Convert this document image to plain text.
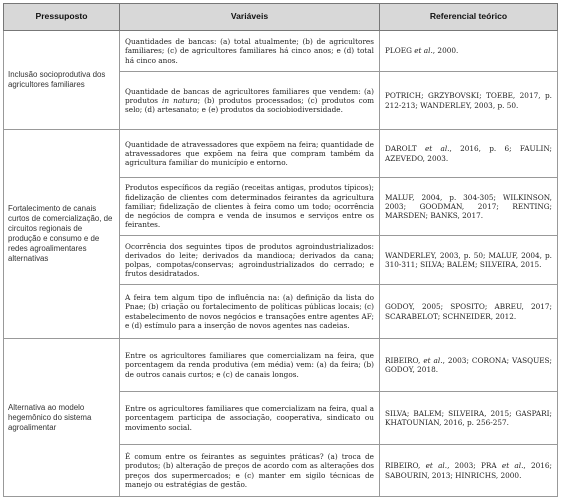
Pressuposto	Variáveis	Referencial teórico
Inclusão socioprodutiva dos agricultores familiares	Quantidades de bancas: (a) total atualmente; (b) de agricultores familiares; (c) de agricultores familiares há cinco anos; e (d) total há cinco anos.	PLOEG et al., 2000.
	Quantidade de bancas de agricultores familiares que vendem: (a) produtos in natura; (b) produtos processados; (c) produtos com selo; (d) artesanato; e (e) produtos da sociobiodiversidade.	POTRICH; GRZYBOVSKI; TOEBE, 2017, p. 212-213; WANDERLEY, 2003, p. 50.
Fortalecimento de canais curtos de comercialização, de circuitos regionais de produção e consumo e de redes agroalimentares alternativas	Quantidade de atravessadores que expõem na feira; quantidade de atravessadores que expõem na feira que compram também da agricultura familiar do município e entorno.	DAROLT et al., 2016, p. 6; FAULIN; AZEVEDO, 2003.
	Produtos específicos da região (receitas antigas, produtos típicos); fidelização de clientes com determinados feirantes da agricultura familiar; fidelização de clientes à feira como um todo; ocorrência de negócios de compra e venda de insumos e serviços entre os feirantes.	MALUF, 2004, p. 304-305; WILKINSON, 2003; GOODMAN, 2017; RENTING; MARSDEN; BANKS, 2017.
	Ocorrência dos seguintes tipos de produtos agroindustrializados: derivados do leite; derivados da mandioca; derivados da cana; polpas, compotas/conservas; agroindustrializados do cerrado; e frutos desidratados.	WANDERLEY, 2003, p. 50; MALUF, 2004, p. 310-311; SILVA; BALEM; SILVEIRA, 2015.
	A feira tem algum tipo de influência na: (a) definição da lista do Pnae; (b) criação ou fortalecimento de políticas públicas locais; (c) estabelecimento de novos negócios e transações entre agentes AF; e (d) estímulo para a inserção de novos agentes nas cadeias.	GODOY, 2005; SPOSITO; ABREU, 2017; SCARABELOT; SCHNEIDER, 2012.
Alternativa ao modelo hegemônico do sistema agroalimentar	Entre os agricultores familiares que comercializam na feira, que porcentagem da renda produtiva (em média) vem: (a) da feira; (b) de outros canais curtos; e (c) de canais longos.	RIBEIRO, et al., 2003; CORONA; VASQUES; GODOY, 2018.
	Entre os agricultores familiares que comercializam na feira, qual a porcentagem participa de associação, cooperativa, sindicato ou movimento social.	SILVA; BALEM; SILVEIRA, 2015; GASPARI; KHATOUNIAN, 2016, p. 256-257.
	É comum entre os feirantes as seguintes práticas? (a) troca de produtos; (b) alteração de preços de acordo com as alterações dos preços dos supermercados; e (c) manter em sigilo técnicas de manejo ou estratégias de gestão.	RIBEIRO, et al., 2003; PRA et al., 2016; SABOURIN, 2013; HINRICHS, 2000.
